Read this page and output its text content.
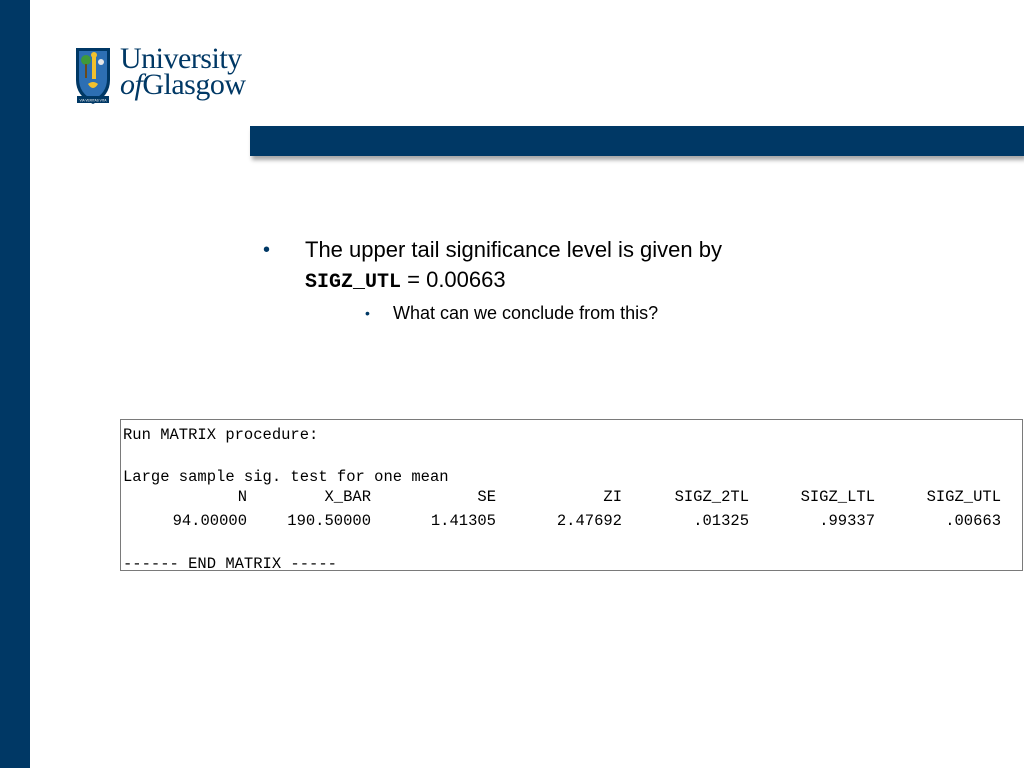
VIA VERITAS VITA
University
ofGlasgow
• The upper tail significance level is given by
SIGZ_UTL = 0.00663
• What can we conclude from this?
Run MATRIX procedure:
Large sample sig. test for one mean
N	X_BAR	SE	ZI	SIGZ_2TL	SIGZ_LTL	SIGZ_UTL
94.00000	190.50000	1.41305	2.47692	.01325	.99337	.00663
------ END MATRIX -----
